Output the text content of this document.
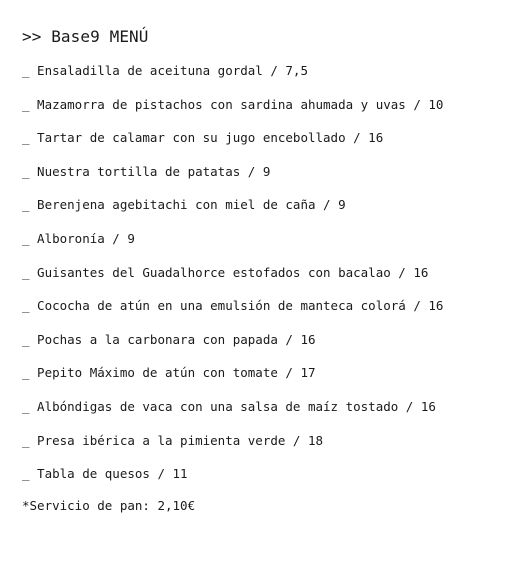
>> Base9 MENÚ
_ Ensaladilla de aceituna gordal / 7,5
_ Mazamorra de pistachos con sardina ahumada y uvas / 10
_ Tartar de calamar con su jugo encebollado / 16
_ Nuestra tortilla de patatas / 9
_ Berenjena agebitachi con miel de caña / 9
_ Alboronía / 9
_ Guisantes del Guadalhorce estofados con bacalao / 16
_ Cococha de atún en una emulsión de manteca colorá / 16
_ Pochas a la carbonara con papada / 16
_ Pepito Máximo de atún con tomate / 17
_ Albóndigas de vaca con una salsa de maíz tostado / 16
_ Presa ibérica a la pimienta verde / 18
_ Tabla de quesos / 11
*Servicio de pan: 2,10€
